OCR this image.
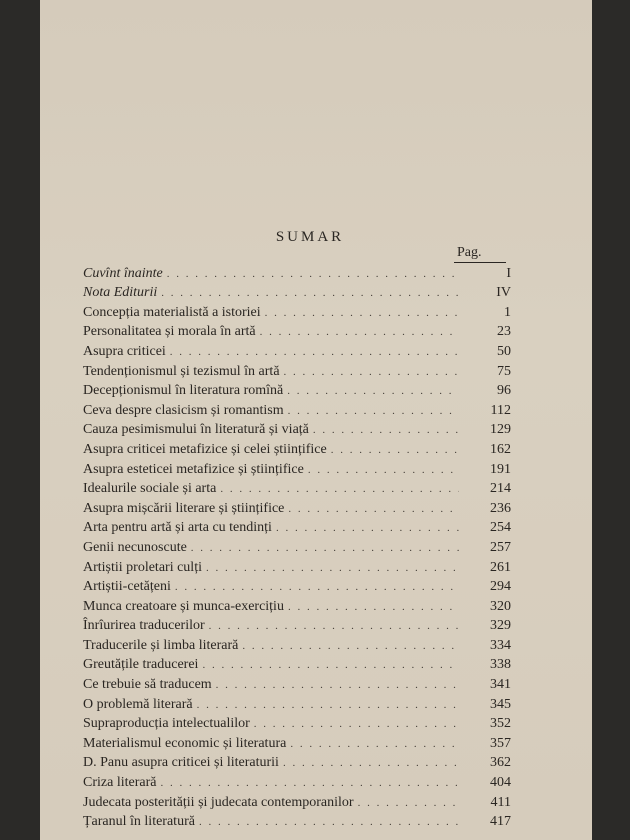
SUMAR
Pag.
Cuvînt înainte . . .	I
Nota Editurii . . .	IV
Concepția materialistă a istoriei . . .	1
Personalitatea și morala în artă . . .	23
Asupra criticei . . .	50
Tendenționismul și tezismul în artă . . .	75
Decepționismul în literatura romînă . . .	96
Ceva despre clasicism și romantism . . .	112
Cauza pesimismului în literatură și viață . . .	129
Asupra criticei metafizice și celei științifice . . .	162
Asupra esteticei metafizice și științifice . . .	191
Idealurile sociale și arta . . .	214
Asupra mișcării literare și științifice . . .	236
Arta pentru artă și arta cu tendinți . . .	254
Genii necunoscute . . .	257
Artiștii proletari culți . . .	261
Artiștii-cetățeni . . .	294
Munca creatoare și munca-exercițiu . . .	320
Înrîurirea traducerilor . . .	329
Traducerile și limba literară . . .	334
Greutățile traducerei . . .	338
Ce trebuie să traducem . . .	341
O problemă literară . . .	345
Supraproducția intelectualilor . . .	352
Materialismul economic și literatura . . .	357
D. Panu asupra criticei și literaturii . . .	362
Criza literară . . .	404
Judecata posterității și judecata contemporanilor . . .	411
Țaranul în literatură . . .	417
